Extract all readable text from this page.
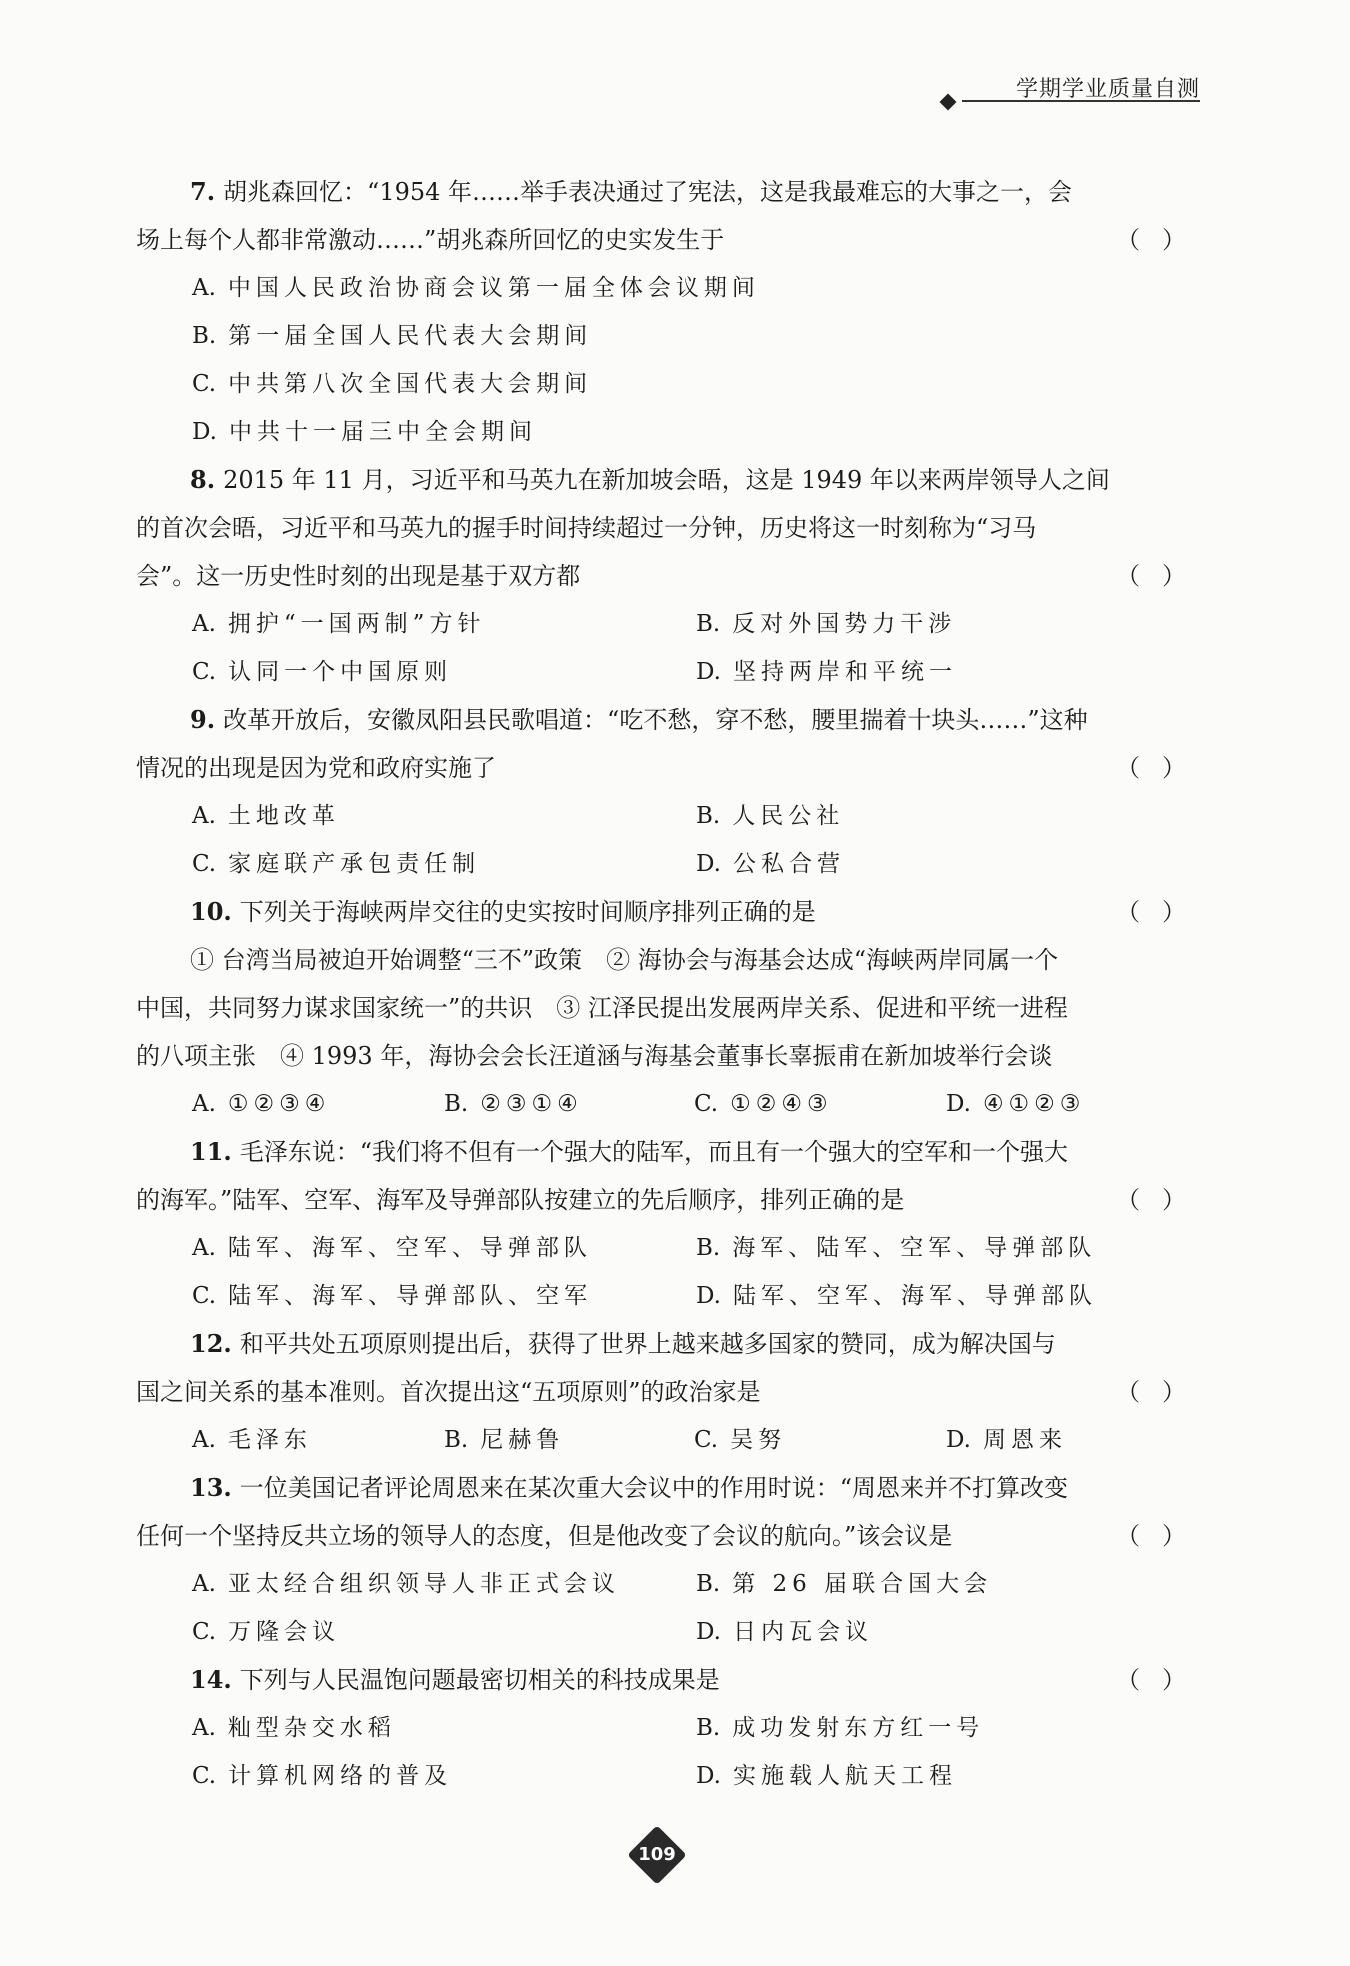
学期学业质量自测
7. 胡兆森回忆：“1954 年……举手表决通过了宪法，这是我最难忘的大事之一，会
场上每个人都非常激动……”胡兆森所回忆的史实发生于	（ ）
A. 中国人民政治协商会议第一届全体会议期间
B. 第一届全国人民代表大会期间
C. 中共第八次全国代表大会期间
D. 中共十一届三中全会期间
8. 2015 年 11 月，习近平和马英九在新加坡会晤，这是 1949 年以来两岸领导人之间
的首次会晤，习近平和马英九的握手时间持续超过一分钟，历史将这一时刻称为“习马
会”。这一历史性时刻的出现是基于双方都	（ ）
A. 拥护“一国两制”方针	B. 反对外国势力干涉
C. 认同一个中国原则	D. 坚持两岸和平统一
9. 改革开放后，安徽凤阳县民歌唱道：“吃不愁，穿不愁，腰里揣着十块头……”这种
情况的出现是因为党和政府实施了	（ ）
A. 土地改革	B. 人民公社
C. 家庭联产承包责任制	D. 公私合营
10. 下列关于海峡两岸交往的史实按时间顺序排列正确的是	（ ）
① 台湾当局被迫开始调整“三不”政策　② 海协会与海基会达成“海峡两岸同属一个
中国，共同努力谋求国家统一”的共识　③ 江泽民提出发展两岸关系、促进和平统一进程
的八项主张　④ 1993 年，海协会会长汪道涵与海基会董事长辜振甫在新加坡举行会谈
A. ①②③④	B. ②③①④	C. ①②④③	D. ④①②③
11. 毛泽东说：“我们将不但有一个强大的陆军，而且有一个强大的空军和一个强大
的海军。”陆军、空军、海军及导弹部队按建立的先后顺序，排列正确的是	（ ）
A. 陆军、海军、空军、导弹部队	B. 海军、陆军、空军、导弹部队
C. 陆军、海军、导弹部队、空军	D. 陆军、空军、海军、导弹部队
12. 和平共处五项原则提出后，获得了世界上越来越多国家的赞同，成为解决国与
国之间关系的基本准则。首次提出这“五项原则”的政治家是	（ ）
A. 毛泽东	B. 尼赫鲁	C. 吴努	D. 周恩来
13. 一位美国记者评论周恩来在某次重大会议中的作用时说：“周恩来并不打算改变
任何一个坚持反共立场的领导人的态度，但是他改变了会议的航向。”该会议是	（ ）
A. 亚太经合组织领导人非正式会议	B. 第 26 届联合国大会
C. 万隆会议	D. 日内瓦会议
14. 下列与人民温饱问题最密切相关的科技成果是	（ ）
A. 籼型杂交水稻	B. 成功发射东方红一号
C. 计算机网络的普及	D. 实施载人航天工程
109
